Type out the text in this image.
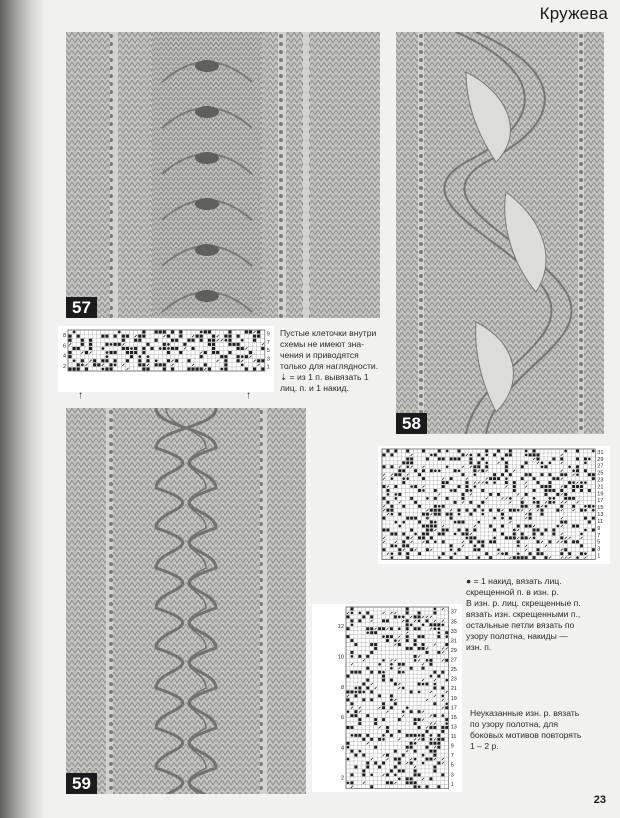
Кружева
57
58
59
8
6
4
2
9
7
5
3
1
↑	↑
Пустые клеточки внутри
схемы не имеют зна-
чения и приводятся
только для наглядности.
⇣ = из 1 п. вывязать 1
лиц. п. и 1 накид.
31
29
27
25
23
21
19
17
15
13
11
9
7
5
3
1
● = 1 накид, вязать лиц.
скрещенной п. в изн. р.
В изн. р. лиц. скрещенные п.
вязать изн. скрещенными п.,
остальные петли вязать по
узору полотна, накиды —
изн. п.
12
10
8
6
4
2
37
35
33
31
29
27
25
23
21
19
17
15
13
11
9
7
5
3
1
Неуказанные изн. р. вязать
по узору полотна, для
боковых мотивов повторять
1 – 2 р.
23
